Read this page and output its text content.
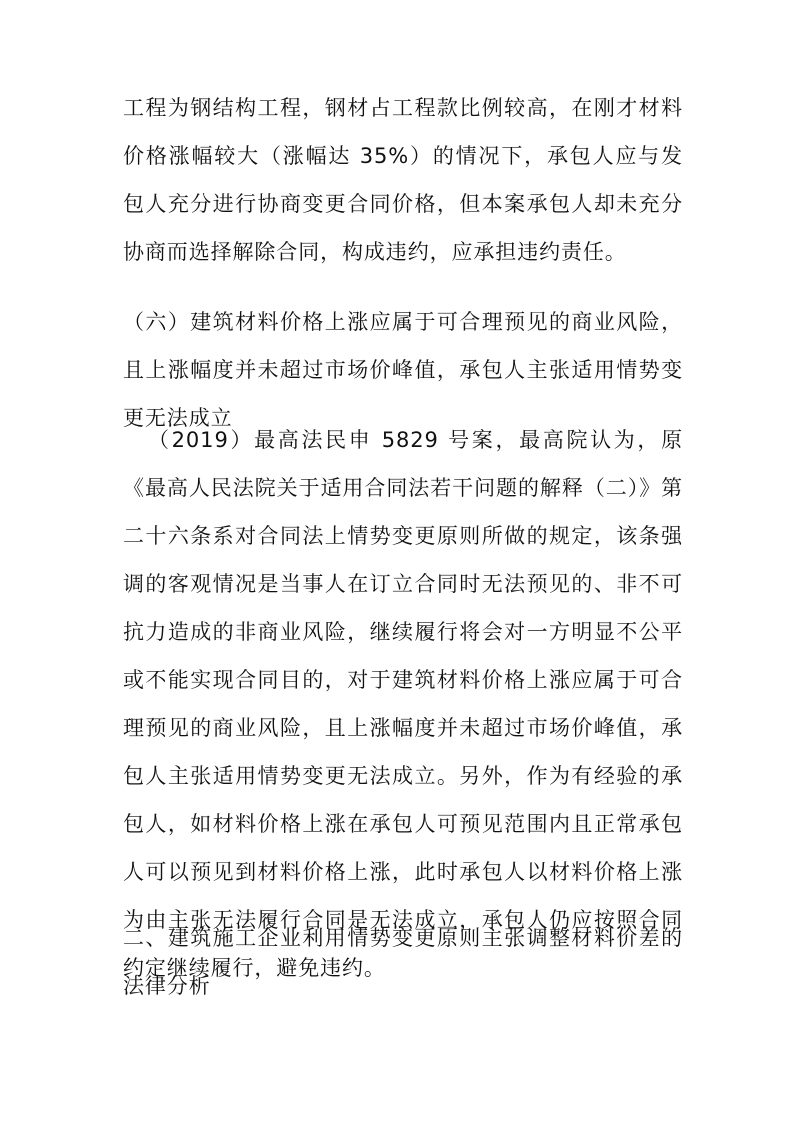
工程为钢结构工程，钢材占工程款比例较高，在刚才材料价格涨幅较大（涨幅达 35%）的情况下，承包人应与发包人充分进行协商变更合同价格，但本案承包人却未充分协商而选择解除合同，构成违约，应承担违约责任。

（六）建筑材料价格上涨应属于可合理预见的商业风险，且上涨幅度并未超过市场价峰值，承包人主张适用情势变更无法成立

（2019）最高法民申 5829 号案，最高院认为，原《最高人民法院关于适用合同法若干问题的解释（二）》第二十六条系对合同法上情势变更原则所做的规定，该条强调的客观情况是当事人在订立合同时无法预见的、非不可抗力造成的非商业风险，继续履行将会对一方明显不公平或不能实现合同目的，对于建筑材料价格上涨应属于可合理预见的商业风险，且上涨幅度并未超过市场价峰值，承包人主张适用情势变更无法成立。另外，作为有经验的承包人，如材料价格上涨在承包人可预见范围内且正常承包人可以预见到材料价格上涨，此时承包人以材料价格上涨为由主张无法履行合同是无法成立，承包人仍应按照合同约定继续履行，避免违约。

二、建筑施工企业利用情势变更原则主张调整材料价差的法律分析
